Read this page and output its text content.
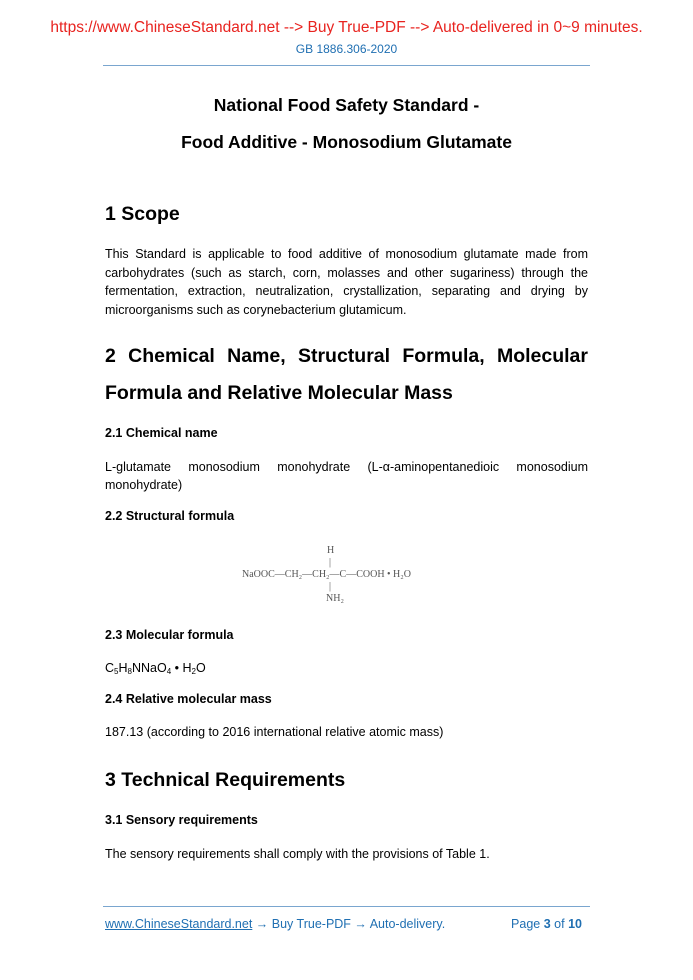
https://www.ChineseStandard.net --> Buy True-PDF --> Auto-delivered in 0~9 minutes.
GB 1886.306-2020
National Food Safety Standard -
Food Additive - Monosodium Glutamate
1 Scope

This Standard is applicable to food additive of monosodium glutamate made from carbohydrates (such as starch, corn, molasses and other sugariness) through the fermentation, extraction, neutralization, crystallization, separating and drying by microorganisms such as corynebacterium glutamicum.

2 Chemical Name, Structural Formula, Molecular
Formula and Relative Molecular Mass
2.1 Chemical name

L-glutamate monosodium monohydrate (L-α-aminopentanedioic monosodium

monohydrate)

2.2 Structural formula
H
|
NaOOC—CH₂—CH₂—C—COOH • H₂O
|
NH₂
2.3 Molecular formula

$C_5H_8NNaO_4$ • $H_2O$

2.4 Relative molecular mass

187.13 (according to 2016 international relative atomic mass)

3 Technical Requirements
3.1 Sensory requirements

The sensory requirements shall comply with the provisions of Table 1.

www.ChineseStandard.net → Buy True-PDF → Auto-delivery.	Page 3 of 10
